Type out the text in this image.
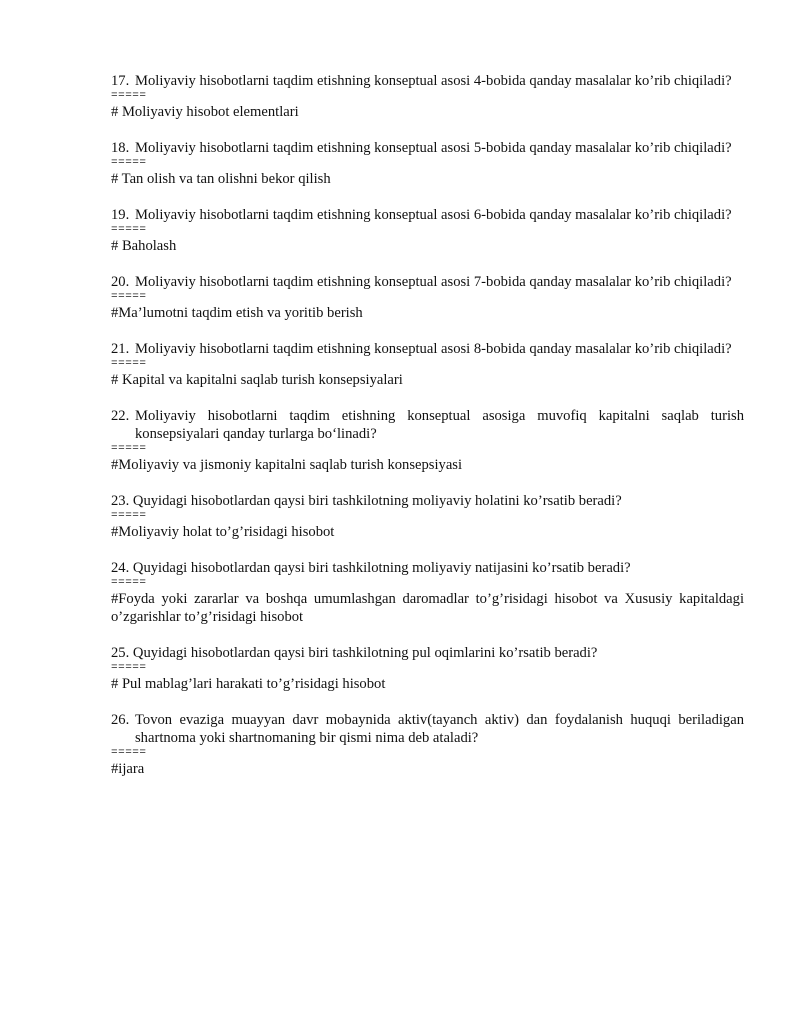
17. Moliyaviy hisobotlarni taqdim etishning konseptual asosi 4-bobida qanday masalalar ko’rib chiqiladi?

=====

# Moliyaviy hisobot elementlari

18. Moliyaviy hisobotlarni taqdim etishning konseptual asosi 5-bobida qanday masalalar ko’rib chiqiladi?

=====

# Tan olish va tan olishni bekor qilish

19. Moliyaviy hisobotlarni taqdim etishning konseptual asosi 6-bobida qanday masalalar ko’rib chiqiladi?

=====

# Baholash

20. Moliyaviy hisobotlarni taqdim etishning konseptual asosi 7-bobida qanday masalalar ko’rib chiqiladi?

=====

#Ma’lumotni taqdim etish va yoritib berish

21. Moliyaviy hisobotlarni taqdim etishning konseptual asosi 8-bobida qanday masalalar ko’rib chiqiladi?

=====

# Kapital va kapitalni saqlab turish konsepsiyalari

22. Moliyaviy hisobotlarni taqdim etishning konseptual asosiga muvofiq kapitalni saqlab turish konsepsiyalari qanday turlarga bo‘linadi?

=====

#Moliyaviy va jismoniy kapitalni saqlab turish konsepsiyasi

23. Quyidagi hisobotlardan qaysi biri tashkilotning moliyaviy holatini ko’rsatib beradi?

=====

#Moliyaviy holat to’g’risidagi hisobot

24. Quyidagi hisobotlardan qaysi biri tashkilotning moliyaviy natijasini ko’rsatib beradi?

=====

#Foyda yoki zararlar va boshqa umumlashgan daromadlar to’g’risidagi hisobot va Xususiy kapitaldagi o’zgarishlar to’g’risidagi hisobot

25. Quyidagi hisobotlardan qaysi biri tashkilotning pul oqimlarini ko’rsatib beradi?

=====

# Pul mablag’lari harakati to’g’risidagi hisobot

26. Tovon evaziga muayyan davr mobaynida aktiv(tayanch aktiv) dan foydalanish huquqi beriladigan shartnoma yoki shartnomaning bir qismi nima deb ataladi?

=====

#ijara
